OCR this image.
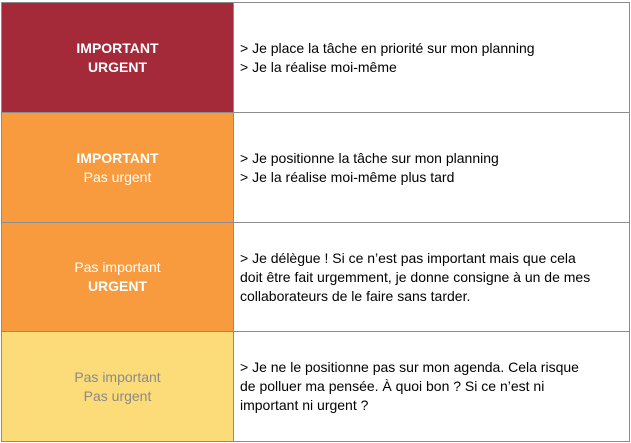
IMPORTANT
URGENT	> Je place la tâche en priorité sur mon planning
> Je la réalise moi-même

IMPORTANT
Pas urgent	> Je positionne la tâche sur mon planning
> Je la réalise moi-même plus tard

Pas important
URGENT	> Je délègue ! Si ce n’est pas important mais que cela
doit être fait urgemment, je donne consigne à un de mes
collaborateurs de le faire sans tarder.

Pas important
Pas urgent	> Je ne le positionne pas sur mon agenda. Cela risque
de polluer ma pensée. À quoi bon ? Si ce n’est ni
important ni urgent ?
